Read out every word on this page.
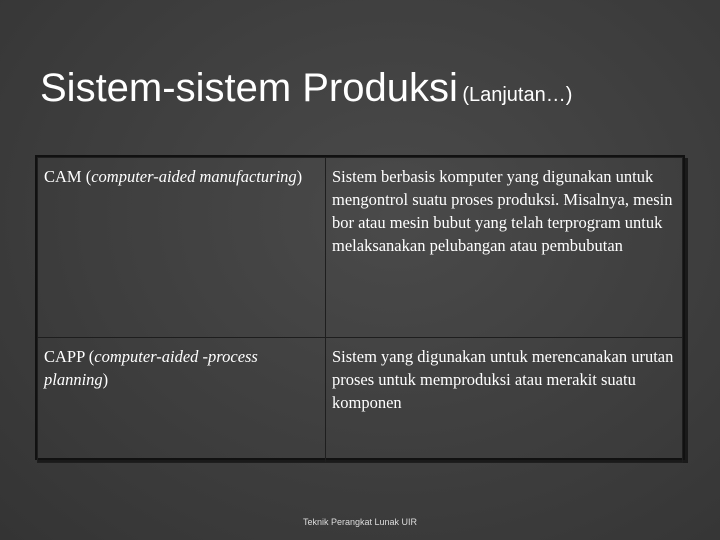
Sistem-sistem Produksi (Lanjutan…)
CAM (computer-aided manufacturing)	Sistem berbasis komputer yang digunakan untuk mengontrol suatu proses produksi. Misalnya, mesin bor atau mesin bubut yang telah terprogram untuk melaksanakan pelubangan atau pembubutan
CAPP (computer-aided -process planning)	Sistem yang digunakan untuk merencanakan urutan proses untuk memproduksi atau merakit suatu komponen
Teknik Perangkat Lunak UIR
